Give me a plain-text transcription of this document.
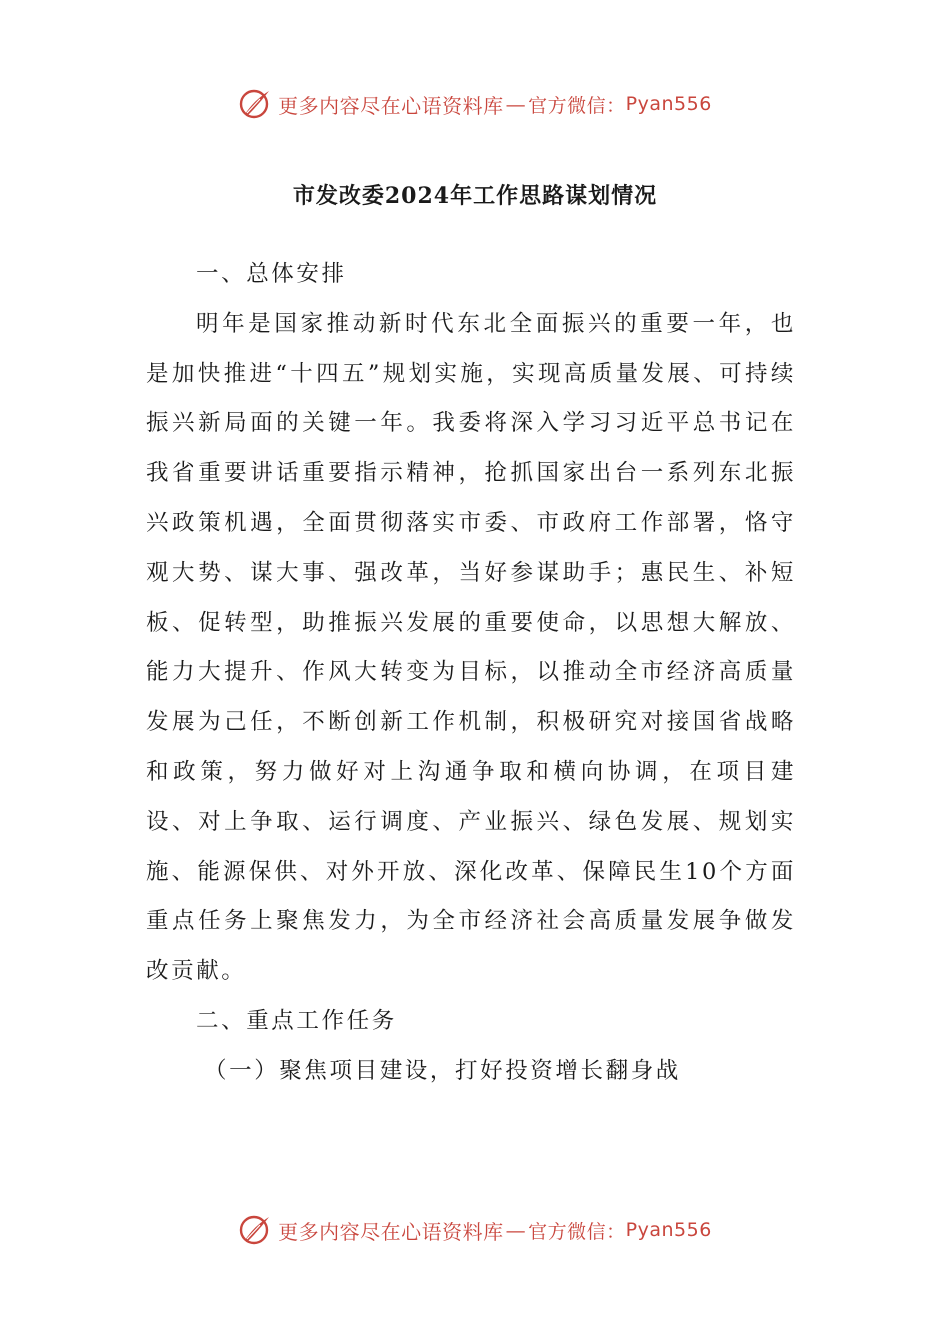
更多内容尽在心语资料库 — 官方微信： Pyan556
市发改委2024年工作思路谋划情况

一、总体安排

明年是国家推动新时代东北全面振兴的重要一年，也是加快推进“十四五”规划实施，实现高质量发展、可持续振兴新局面的关键一年。我委将深入学习习近平总书记在我省重要讲话重要指示精神，抢抓国家出台一系列东北振兴政策机遇，全面贯彻落实市委、市政府工作部署，恪守观大势、谋大事、强改革，当好参谋助手；惠民生、补短板、促转型，助推振兴发展的重要使命，以思想大解放、能力大提升、作风大转变为目标，以推动全市经济高质量发展为己任，不断创新工作机制，积极研究对接国省战略和政策，努力做好对上沟通争取和横向协调，在项目建设、对上争取、运行调度、产业振兴、绿色发展、规划实施、能源保供、对外开放、深化改革、保障民生10个方面重点任务上聚焦发力，为全市经济社会高质量发展争做发改贡献。

二、重点工作任务

（一）聚焦项目建设，打好投资增长翻身战

更多内容尽在心语资料库 — 官方微信： Pyan556
